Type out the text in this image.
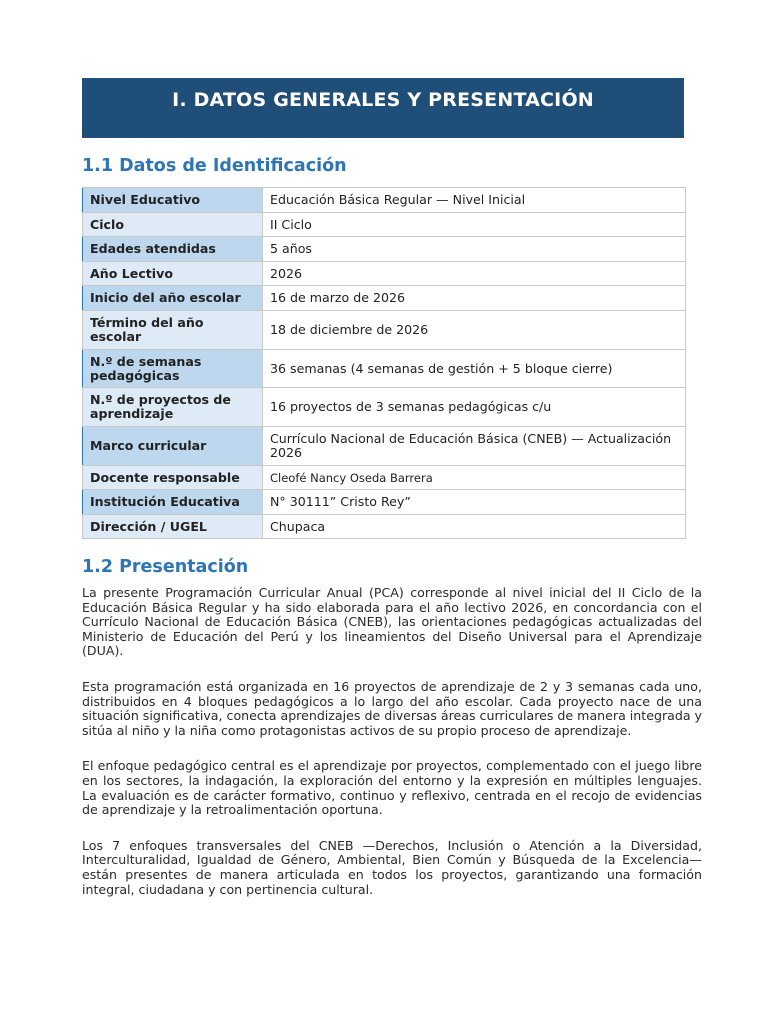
I. DATOS GENERALES Y PRESENTACIÓN
1.1 Datos de Identificación
Nivel Educativo	Educación Básica Regular — Nivel Inicial
Ciclo	II Ciclo
Edades atendidas	5 años
Año Lectivo	2026
Inicio del año escolar	16 de marzo de 2026
Término del año escolar	18 de diciembre de 2026
N.º de semanas pedagógicas	36 semanas (4 semanas de gestión + 5 bloque cierre)
N.º de proyectos de aprendizaje	16 proyectos de 3 semanas pedagógicas c/u
Marco curricular	Currículo Nacional de Educación Básica (CNEB) — Actualización 2026
Docente responsable	Cleofé Nancy Oseda Barrera
Institución Educativa	N° 30111” Cristo Rey”
Dirección / UGEL	Chupaca
1.2 Presentación

La presente Programación Curricular Anual (PCA) corresponde al nivel inicial del II Ciclo de la Educación Básica Regular y ha sido elaborada para el año lectivo 2026, en concordancia con el Currículo Nacional de Educación Básica (CNEB), las orientaciones pedagógicas actualizadas del Ministerio de Educación del Perú y los lineamientos del Diseño Universal para el Aprendizaje (DUA).

Esta programación está organizada en 16 proyectos de aprendizaje de 2 y 3 semanas cada uno, distribuidos en 4 bloques pedagógicos a lo largo del año escolar. Cada proyecto nace de una situación significativa, conecta aprendizajes de diversas áreas curriculares de manera integrada y sitúa al niño y la niña como protagonistas activos de su propio proceso de aprendizaje.

El enfoque pedagógico central es el aprendizaje por proyectos, complementado con el juego libre en los sectores, la indagación, la exploración del entorno y la expresión en múltiples lenguajes. La evaluación es de carácter formativo, continuo y reflexivo, centrada en el recojo de evidencias de aprendizaje y la retroalimentación oportuna.

Los 7 enfoques transversales del CNEB —Derechos, Inclusión o Atención a la Diversidad, Interculturalidad, Igualdad de Género, Ambiental, Bien Común y Búsqueda de la Excelencia— están presentes de manera articulada en todos los proyectos, garantizando una formación integral, ciudadana y con pertinencia cultural.
